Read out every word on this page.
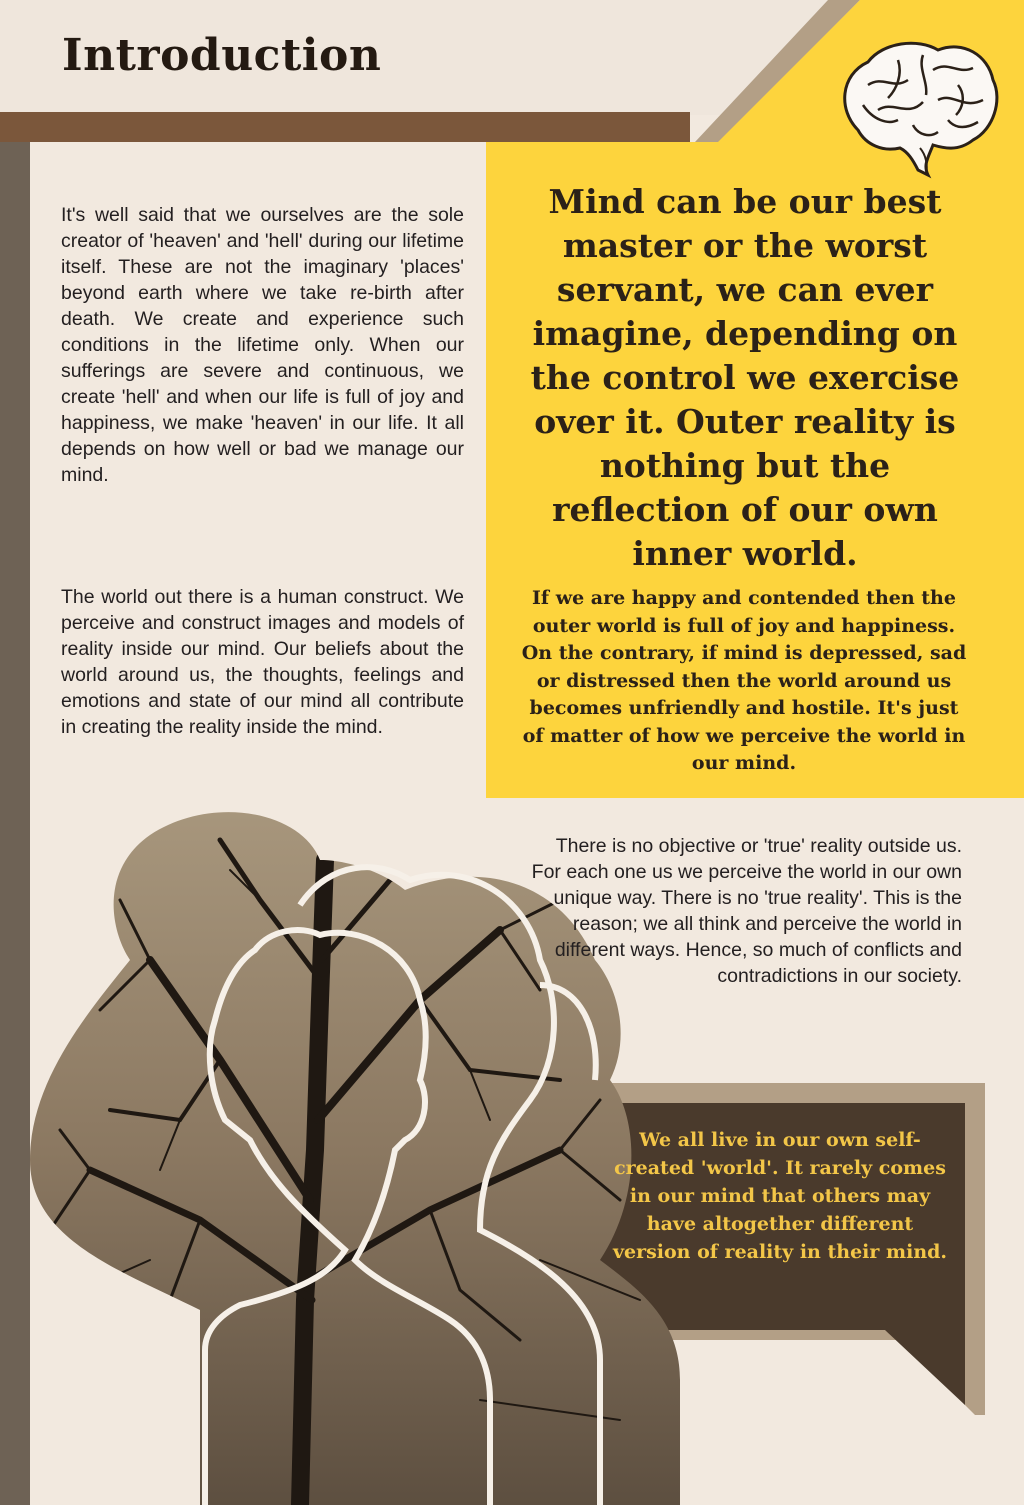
Introduction
It's well said that we ourselves are the sole creator of 'heaven' and 'hell' during our lifetime itself. These are not the imaginary 'places' beyond earth where we take re-birth after death. We create and experience such conditions in the lifetime only. When our sufferings are severe and continuous, we create 'hell' and when our life is full of joy and happiness, we make 'heaven' in our life. It all depends on how well or bad we manage our mind.
The world out there is a human construct. We perceive and construct images and models of reality inside our mind. Our beliefs about the world around us, the thoughts, feelings and emotions and state of our mind all contribute in creating the reality inside the mind.
There is no objective or 'true' reality outside us. For each one us we perceive the world in our own unique way. There is no 'true reality'. This is the reason; we all think and perceive the world in different ways. Hence, so much of conflicts and contradictions in our society.
Mind can be our best master or the worst servant, we can ever imagine, depending on the control we exercise over it. Outer reality is nothing but the reflection of our own inner world.
If we are happy and contended then the outer world is full of joy and happiness. On the contrary, if mind is depressed, sad or distressed then the world around us becomes unfriendly and hostile. It's just of matter of how we perceive the world in our mind.
We all live in our own self-created 'world'. It rarely comes in our mind that others may have altogether different version of reality in their mind.
